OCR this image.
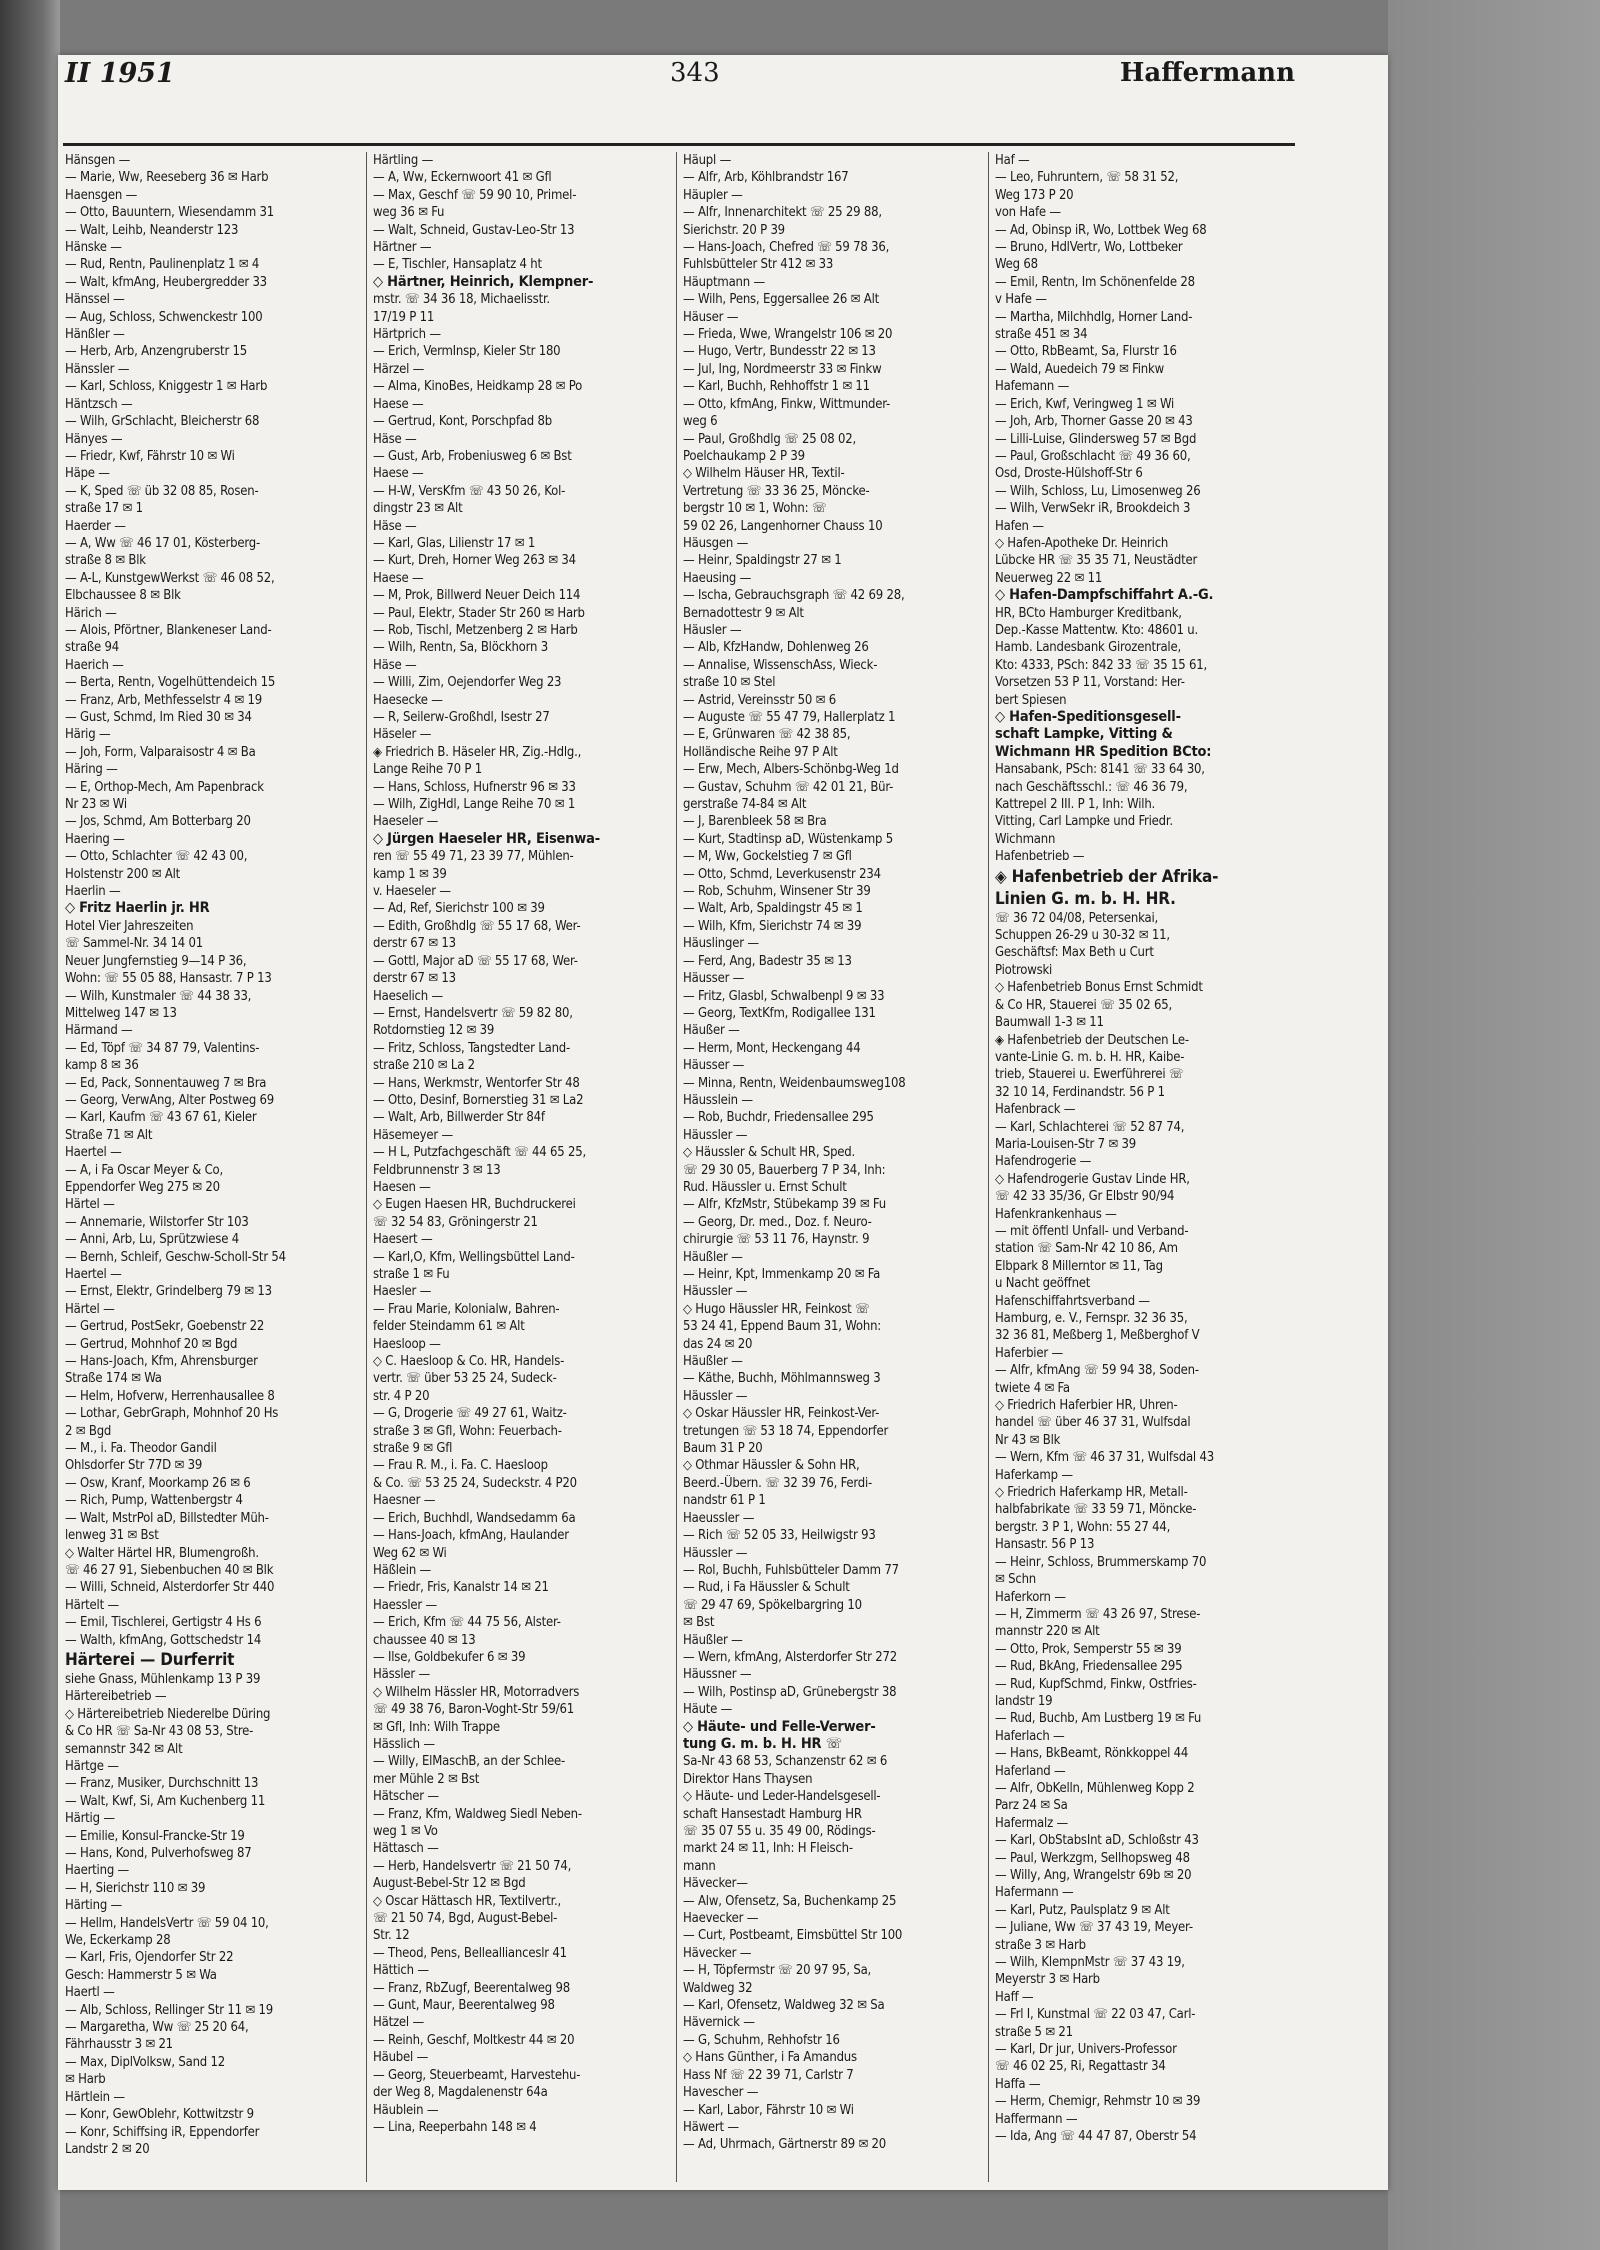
II 1951	343	Haffermann
Hänsgen —
— Marie, Ww, Reeseberg 36 ✉ Harb
Haensgen —
— Otto, Bauuntern, Wiesendamm 31
— Walt, Leihb, Neanderstr 123
Hänske —
— Rud, Rentn, Paulinenplatz 1 ✉ 4
— Walt, kfmAng, Heubergredder 33
Hänssel —
— Aug, Schloss, Schwenckestr 100
Hänßler —
— Herb, Arb, Anzengruberstr 15
Hänssler —
— Karl, Schloss, Kniggestr 1 ✉ Harb
Häntzsch —
— Wilh, GrSchlacht, Bleicherstr 68
Hänyes —
— Friedr, Kwf, Fährstr 10 ✉ Wi
Häpe —
— K, Sped ☏ üb 32 08 85, Rosen-
straße 17 ✉ 1
Haerder —
— A, Ww ☏ 46 17 01, Kösterberg-
straße 8 ✉ Blk
— A-L, KunstgewWerkst ☏ 46 08 52,
Elbchaussee 8 ✉ Blk
Härich —
— Alois, Pförtner, Blankeneser Land-
straße 94
Haerich —
— Berta, Rentn, Vogelhüttendeich 15
— Franz, Arb, Methfesselstr 4 ✉ 19
— Gust, Schmd, Im Ried 30 ✉ 34
Härig —
— Joh, Form, Valparaisostr 4 ✉ Ba
Häring —
— E, Orthop-Mech, Am Papenbrack
Nr 23 ✉ Wi
— Jos, Schmd, Am Botterbarg 20
Haering —
— Otto, Schlachter ☏ 42 43 00,
Holstenstr 200 ✉ Alt
Haerlin —
◇ Fritz Haerlin jr. HR
Hotel Vier Jahreszeiten
☏ Sammel-Nr. 34 14 01
Neuer Jungfernstieg 9—14 P 36,
Wohn: ☏ 55 05 88, Hansastr. 7 P 13
— Wilh, Kunstmaler ☏ 44 38 33,
Mittelweg 147 ✉ 13
Härmand —
— Ed, Töpf ☏ 34 87 79, Valentins-
kamp 8 ✉ 36
— Ed, Pack, Sonnentauweg 7 ✉ Bra
— Georg, VerwAng, Alter Postweg 69
— Karl, Kaufm ☏ 43 67 61, Kieler
Straße 71 ✉ Alt
Haertel —
— A, i Fa Oscar Meyer & Co,
Eppendorfer Weg 275 ✉ 20
Härtel —
— Annemarie, Wilstorfer Str 103
— Anni, Arb, Lu, Sprützwiese 4
— Bernh, Schleif, Geschw-Scholl-Str 54
Haertel —
— Ernst, Elektr, Grindelberg 79 ✉ 13
Härtel —
— Gertrud, PostSekr, Goebenstr 22
— Gertrud, Mohnhof 20 ✉ Bgd
— Hans-Joach, Kfm, Ahrensburger
Straße 174 ✉ Wa
— Helm, Hofverw, Herrenhausallee 8
— Lothar, GebrGraph, Mohnhof 20 Hs
2 ✉ Bgd
— M., i. Fa. Theodor Gandil
Ohlsdorfer Str 77D ✉ 39
— Osw, Kranf, Moorkamp 26 ✉ 6
— Rich, Pump, Wattenbergstr 4
— Walt, MstrPol aD, Billstedter Müh-
lenweg 31 ✉ Bst
◇ Walter Härtel HR, Blumengroßh.
☏ 46 27 91, Siebenbuchen 40 ✉ Blk
— Willi, Schneid, Alsterdorfer Str 440
Härtelt —
— Emil, Tischlerei, Gertigstr 4 Hs 6
— Walth, kfmAng, Gottschedstr 14
Härterei — Durferrit
siehe Gnass, Mühlenkamp 13 P 39
Härtereibetrieb —
◇ Härtereibetrieb Niederelbe Düring
& Co HR ☏ Sa-Nr 43 08 53, Stre-
semannstr 342 ✉ Alt
Härtge —
— Franz, Musiker, Durchschnitt 13
— Walt, Kwf, Si, Am Kuchenberg 11
Härtig —
— Emilie, Konsul-Francke-Str 19
— Hans, Kond, Pulverhofsweg 87
Haerting —
— H, Sierichstr 110 ✉ 39
Härting —
— Hellm, HandelsVertr ☏ 59 04 10,
We, Eckerkamp 28
— Karl, Fris, Ojendorfer Str 22
Gesch: Hammerstr 5 ✉ Wa
Haertl —
— Alb, Schloss, Rellinger Str 11 ✉ 19
— Margaretha, Ww ☏ 25 20 64,
Fährhausstr 3 ✉ 21
— Max, DiplVolksw, Sand 12
✉ Harb
Härtlein —
— Konr, GewOblehr, Kottwitzstr 9
— Konr, Schiffsing iR, Eppendorfer
Landstr 2 ✉ 20
Härtling —
— A, Ww, Eckernwoort 41 ✉ Gfl
— Max, Geschf ☏ 59 90 10, Primel-
weg 36 ✉ Fu
— Walt, Schneid, Gustav-Leo-Str 13
Härtner —
— E, Tischler, Hansaplatz 4 ht
◇ Härtner, Heinrich, Klempner-
mstr. ☏ 34 36 18, Michaelisstr.
17/19 P 11
Härtprich —
— Erich, VermInsp, Kieler Str 180
Härzel —
— Alma, KinoBes, Heidkamp 28 ✉ Po
Haese —
— Gertrud, Kont, Porschpfad 8b
Häse —
— Gust, Arb, Frobeniusweg 6 ✉ Bst
Haese —
— H-W, VersKfm ☏ 43 50 26, Kol-
dingstr 23 ✉ Alt
Häse —
— Karl, Glas, Lilienstr 17 ✉ 1
— Kurt, Dreh, Horner Weg 263 ✉ 34
Haese —
— M, Prok, Billwerd Neuer Deich 114
— Paul, Elektr, Stader Str 260 ✉ Harb
— Rob, Tischl, Metzenberg 2 ✉ Harb
— Wilh, Rentn, Sa, Blöckhorn 3
Häse —
— Willi, Zim, Oejendorfer Weg 23
Haesecke —
— R, Seilerw-Großhdl, Isestr 27
Häseler —
◈ Friedrich B. Häseler HR, Zig.-Hdlg.,
Lange Reihe 70 P 1
— Hans, Schloss, Hufnerstr 96 ✉ 33
— Wilh, ZigHdl, Lange Reihe 70 ✉ 1
Haeseler —
◇ Jürgen Haeseler HR, Eisenwa-
ren ☏ 55 49 71, 23 39 77, Mühlen-
kamp 1 ✉ 39
v. Haeseler —
— Ad, Ref, Sierichstr 100 ✉ 39
— Edith, Großhdlg ☏ 55 17 68, Wer-
derstr 67 ✉ 13
— Gottl, Major aD ☏ 55 17 68, Wer-
derstr 67 ✉ 13
Haeselich —
— Ernst, Handelsvertr ☏ 59 82 80,
Rotdornstieg 12 ✉ 39
— Fritz, Schloss, Tangstedter Land-
straße 210 ✉ La 2
— Hans, Werkmstr, Wentorfer Str 48
— Otto, Desinf, Bornerstieg 31 ✉ La2
— Walt, Arb, Billwerder Str 84f
Häsemeyer —
— H L, Putzfachgeschäft ☏ 44 65 25,
Feldbrunnenstr 3 ✉ 13
Haesen —
◇ Eugen Haesen HR, Buchdruckerei
☏ 32 54 83, Gröningerstr 21
Haesert —
— Karl,O, Kfm, Wellingsbüttel Land-
straße 1 ✉ Fu
Haesler —
— Frau Marie, Kolonialw, Bahren-
felder Steindamm 61 ✉ Alt
Haesloop —
◇ C. Haesloop & Co. HR, Handels-
vertr. ☏ über 53 25 24, Sudeck-
str. 4 P 20
— G, Drogerie ☏ 49 27 61, Waitz-
straße 3 ✉ Gfl, Wohn: Feuerbach-
straße 9 ✉ Gfl
— Frau R. M., i. Fa. C. Haesloop
& Co. ☏ 53 25 24, Sudeckstr. 4 P20
Haesner —
— Erich, Buchhdl, Wandsedamm 6a
— Hans-Joach, kfmAng, Haulander
Weg 62 ✉ Wi
Häßlein —
— Friedr, Fris, Kanalstr 14 ✉ 21
Haessler —
— Erich, Kfm ☏ 44 75 56, Alster-
chaussee 40 ✉ 13
— Ilse, Goldbekufer 6 ✉ 39
Hässler —
◇ Wilhelm Hässler HR, Motorradvers
☏ 49 38 76, Baron-Voght-Str 59/61
✉ Gfl, Inh: Wilh Trappe
Hässlich —
— Willy, ElMaschB, an der Schlee-
mer Mühle 2 ✉ Bst
Hätscher —
— Franz, Kfm, Waldweg Siedl Neben-
weg 1 ✉ Vo
Hättasch —
— Herb, Handelsvertr ☏ 21 50 74,
August-Bebel-Str 12 ✉ Bgd
◇ Oscar Hättasch HR, Textilvertr.,
☏ 21 50 74, Bgd, August-Bebel-
Str. 12
— Theod, Pens, Belleallianceslr 41
Hättich —
— Franz, RbZugf, Beerentalweg 98
— Gunt, Maur, Beerentalweg 98
Hätzel —
— Reinh, Geschf, Moltkestr 44 ✉ 20
Häubel —
— Georg, Steuerbeamt, Harvestehu-
der Weg 8, Magdalenenstr 64a
Häublein —
— Lina, Reeperbahn 148 ✉ 4
Häupl —
— Alfr, Arb, Köhlbrandstr 167
Häupler —
— Alfr, Innenarchitekt ☏ 25 29 88,
Sierichstr. 20 P 39
— Hans-Joach, Chefred ☏ 59 78 36,
Fuhlsbütteler Str 412 ✉ 33
Häuptmann —
— Wilh, Pens, Eggersallee 26 ✉ Alt
Häuser —
— Frieda, Wwe, Wrangelstr 106 ✉ 20
— Hugo, Vertr, Bundesstr 22 ✉ 13
— Jul, Ing, Nordmeerstr 33 ✉ Finkw
— Karl, Buchh, Rehhoffstr 1 ✉ 11
— Otto, kfmAng, Finkw, Wittmunder-
weg 6
— Paul, Großhdlg ☏ 25 08 02,
Poelchaukamp 2 P 39
◇ Wilhelm Häuser HR, Textil-
Vertretung ☏ 33 36 25, Möncke-
bergstr 10 ✉ 1, Wohn: ☏
59 02 26, Langenhorner Chauss 10
Häusgen —
— Heinr, Spaldingstr 27 ✉ 1
Haeusing —
— Ischa, Gebrauchsgraph ☏ 42 69 28,
Bernadottestr 9 ✉ Alt
Häusler —
— Alb, KfzHandw, Dohlenweg 26
— Annalise, WissenschAss, Wieck-
straße 10 ✉ Stel
— Astrid, Vereinsstr 50 ✉ 6
— Auguste ☏ 55 47 79, Hallerplatz 1
— E, Grünwaren ☏ 42 38 85,
Holländische Reihe 97 P Alt
— Erw, Mech, Albers-Schönbg-Weg 1d
— Gustav, Schuhm ☏ 42 01 21, Bür-
gerstraße 74-84 ✉ Alt
— J, Barenbleek 58 ✉ Bra
— Kurt, Stadtinsp aD, Wüstenkamp 5
— M, Ww, Gockelstieg 7 ✉ Gfl
— Otto, Schmd, Leverkusenstr 234
— Rob, Schuhm, Winsener Str 39
— Walt, Arb, Spaldingstr 45 ✉ 1
— Wilh, Kfm, Sierichstr 74 ✉ 39
Häuslinger —
— Ferd, Ang, Badestr 35 ✉ 13
Häusser —
— Fritz, Glasbl, Schwalbenpl 9 ✉ 33
— Georg, TextKfm, Rodigallee 131
Häußer —
— Herm, Mont, Heckengang 44
Häusser —
— Minna, Rentn, Weidenbaumsweg108
Häusslein —
— Rob, Buchdr, Friedensallee 295
Häussler —
◇ Häussler & Schult HR, Sped.
☏ 29 30 05, Bauerberg 7 P 34, Inh:
Rud. Häussler u. Ernst Schult
— Alfr, KfzMstr, Stübekamp 39 ✉ Fu
— Georg, Dr. med., Doz. f. Neuro-
chirurgie ☏ 53 11 76, Haynstr. 9
Häußler —
— Heinr, Kpt, Immenkamp 20 ✉ Fa
Häussler —
◇ Hugo Häussler HR, Feinkost ☏
53 24 41, Eppend Baum 31, Wohn:
das 24 ✉ 20
Häußler —
— Käthe, Buchh, Möhlmannsweg 3
Häussler —
◇ Oskar Häussler HR, Feinkost-Ver-
tretungen ☏ 53 18 74, Eppendorfer
Baum 31 P 20
◇ Othmar Häussler & Sohn HR,
Beerd.-Übern. ☏ 32 39 76, Ferdi-
nandstr 61 P 1
Haeussler —
— Rich ☏ 52 05 33, Heilwigstr 93
Häussler —
— Rol, Buchh, Fuhlsbütteler Damm 77
— Rud, i Fa Häussler & Schult
☏ 29 47 69, Spökelbargring 10
✉ Bst
Häußler —
— Wern, kfmAng, Alsterdorfer Str 272
Häussner —
— Wilh, Postinsp aD, Grünebergstr 38
Häute —
◇ Häute- und Felle-Verwer-
tung G. m. b. H. HR ☏
Sa-Nr 43 68 53, Schanzenstr 62 ✉ 6
Direktor Hans Thaysen
◇ Häute- und Leder-Handelsgesell-
schaft Hansestadt Hamburg HR
☏ 35 07 55 u. 35 49 00, Rödings-
markt 24 ✉ 11, Inh: H Fleisch-
mann
Hävecker—
— Alw, Ofensetz, Sa, Buchenkamp 25
Haevecker —
— Curt, Postbeamt, Eimsbüttel Str 100
Hävecker —
— H, Töpfermstr ☏ 20 97 95, Sa,
Waldweg 32
— Karl, Ofensetz, Waldweg 32 ✉ Sa
Hävernick —
— G, Schuhm, Rehhofstr 16
◇ Hans Günther, i Fa Amandus
Hass Nf ☏ 22 39 71, Carlstr 7
Havescher —
— Karl, Labor, Fährstr 10 ✉ Wi
Häwert —
— Ad, Uhrmach, Gärtnerstr 89 ✉ 20
Haf —
— Leo, Fuhruntern, ☏ 58 31 52,
Weg 173 P 20
von Hafe —
— Ad, Obinsp iR, Wo, Lottbek Weg 68
— Bruno, HdlVertr, Wo, Lottbeker
Weg 68
— Emil, Rentn, Im Schönenfelde 28
v Hafe —
— Martha, Milchhdlg, Horner Land-
straße 451 ✉ 34
— Otto, RbBeamt, Sa, Flurstr 16
— Wald, Auedeich 79 ✉ Finkw
Hafemann —
— Erich, Kwf, Veringweg 1 ✉ Wi
— Joh, Arb, Thorner Gasse 20 ✉ 43
— Lilli-Luise, Glindersweg 57 ✉ Bgd
— Paul, Großschlacht ☏ 49 36 60,
Osd, Droste-Hülshoff-Str 6
— Wilh, Schloss, Lu, Limosenweg 26
— Wilh, VerwSekr iR, Brookdeich 3
Hafen —
◇ Hafen-Apotheke Dr. Heinrich
Lübcke HR ☏ 35 35 71, Neustädter
Neuerweg 22 ✉ 11
◇ Hafen-Dampfschiffahrt A.-G.
HR, BCto Hamburger Kreditbank,
Dep.-Kasse Mattentw. Kto: 48601 u.
Hamb. Landesbank Girozentrale,
Kto: 4333, PSch: 842 33 ☏ 35 15 61,
Vorsetzen 53 P 11, Vorstand: Her-
bert Spiesen
◇ Hafen-Speditionsgesell-
schaft Lampke, Vitting &
Wichmann HR Spedition BCto:
Hansabank, PSch: 8141 ☏ 33 64 30,
nach Geschäftsschl.: ☏ 46 36 79,
Kattrepel 2 III. P 1, Inh: Wilh.
Vitting, Carl Lampke und Friedr.
Wichmann
Hafenbetrieb —
◈ Hafenbetrieb der Afrika-
Linien G. m. b. H. HR.
☏ 36 72 04/08, Petersenkai,
Schuppen 26-29 u 30-32 ✉ 11,
Geschäftsf: Max Beth u Curt
Piotrowski
◇ Hafenbetrieb Bonus Ernst Schmidt
& Co HR, Stauerei ☏ 35 02 65,
Baumwall 1-3 ✉ 11
◈ Hafenbetrieb der Deutschen Le-
vante-Linie G. m. b. H. HR, Kaibe-
trieb, Stauerei u. Ewerführerei ☏
32 10 14, Ferdinandstr. 56 P 1
Hafenbrack —
— Karl, Schlachterei ☏ 52 87 74,
Maria-Louisen-Str 7 ✉ 39
Hafendrogerie —
◇ Hafendrogerie Gustav Linde HR,
☏ 42 33 35/36, Gr Elbstr 90/94
Hafenkrankenhaus —
— mit öffentl Unfall- und Verband-
station ☏ Sam-Nr 42 10 86, Am
Elbpark 8 Millerntor ✉ 11, Tag
u Nacht geöffnet
Hafenschiffahrtsverband —
Hamburg, e. V., Fernspr. 32 36 35,
32 36 81, Meßberg 1, Meßberghof V
Haferbier —
— Alfr, kfmAng ☏ 59 94 38, Soden-
twiete 4 ✉ Fa
◇ Friedrich Haferbier HR, Uhren-
handel ☏ über 46 37 31, Wulfsdal
Nr 43 ✉ Blk
— Wern, Kfm ☏ 46 37 31, Wulfsdal 43
Haferkamp —
◇ Friedrich Haferkamp HR, Metall-
halbfabrikate ☏ 33 59 71, Möncke-
bergstr. 3 P 1, Wohn: 55 27 44,
Hansastr. 56 P 13
— Heinr, Schloss, Brummerskamp 70
✉ Schn
Haferkorn —
— H, Zimmerm ☏ 43 26 97, Strese-
mannstr 220 ✉ Alt
— Otto, Prok, Semperstr 55 ✉ 39
— Rud, BkAng, Friedensallee 295
— Rud, KupfSchmd, Finkw, Ostfries-
landstr 19
— Rud, Buchb, Am Lustberg 19 ✉ Fu
Haferlach —
— Hans, BkBeamt, Rönkkoppel 44
Haferland —
— Alfr, ObKelln, Mühlenweg Kopp 2
Parz 24 ✉ Sa
Hafermalz —
— Karl, ObStabsInt aD, Schloßstr 43
— Paul, Werkzgm, Sellhopsweg 48
— Willy, Ang, Wrangelstr 69b ✉ 20
Hafermann —
— Karl, Putz, Paulsplatz 9 ✉ Alt
— Juliane, Ww ☏ 37 43 19, Meyer-
straße 3 ✉ Harb
— Wilh, KlempnMstr ☏ 37 43 19,
Meyerstr 3 ✉ Harb
Haff —
— Frl I, Kunstmal ☏ 22 03 47, Carl-
straße 5 ✉ 21
— Karl, Dr jur, Univers-Professor
☏ 46 02 25, Ri, Regattastr 34
Haffa —
— Herm, Chemigr, Rehmstr 10 ✉ 39
Haffermann —
— Ida, Ang ☏ 44 47 87, Oberstr 54
